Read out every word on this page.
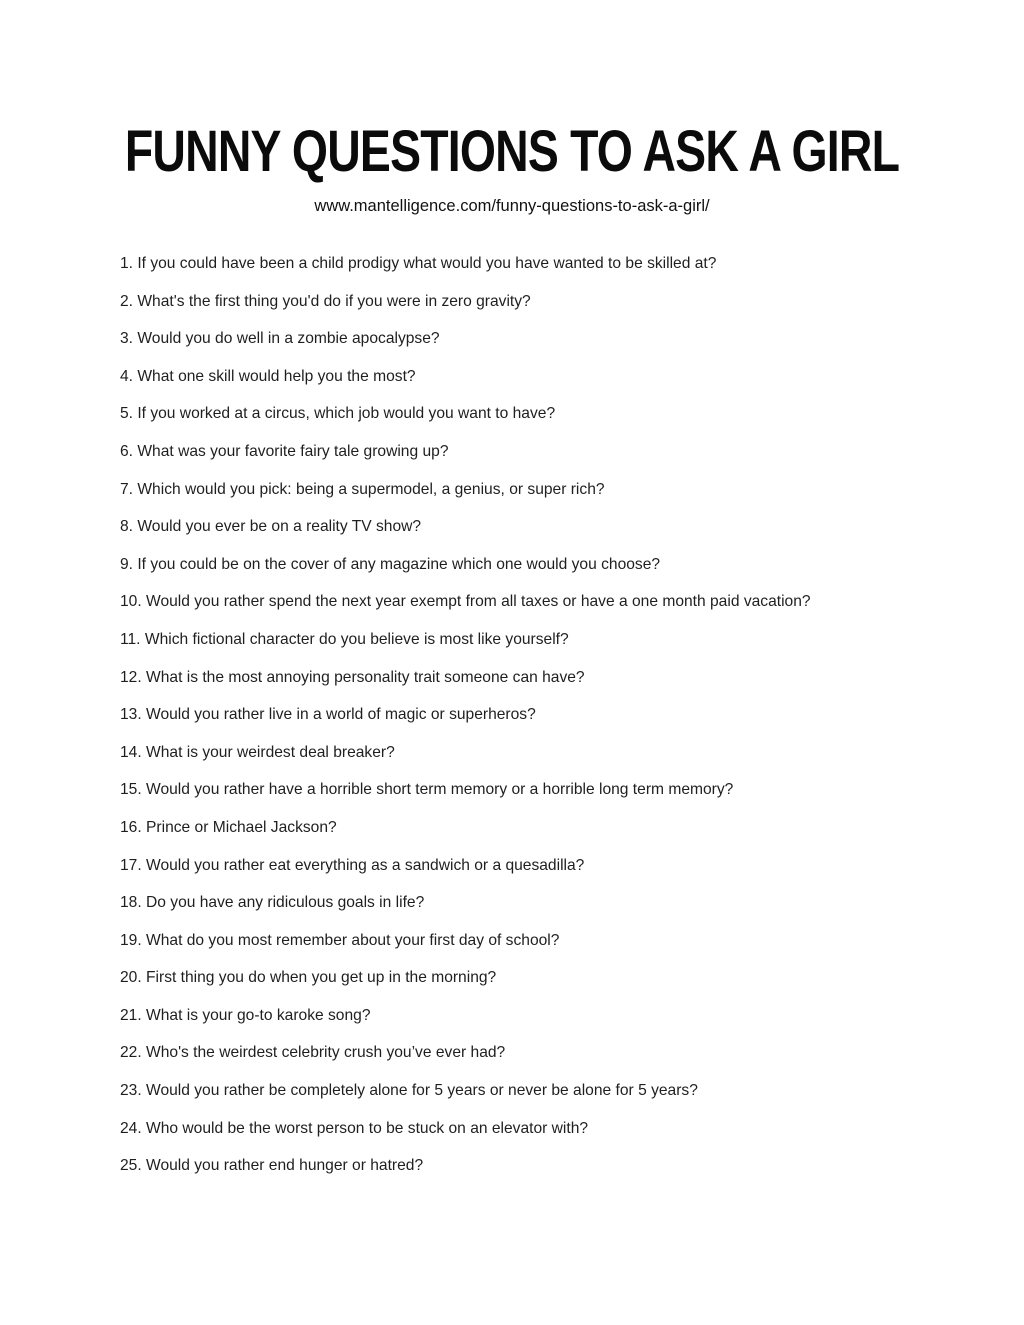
FUNNY QUESTIONS TO ASK A GIRL
www.mantelligence.com/funny-questions-to-ask-a-girl/
1. If you could have been a child prodigy what would you have wanted to be skilled at?
2. What's the first thing you'd do if you were in zero gravity?
3. Would you do well in a zombie apocalypse?
4. What one skill would help you the most?
5. If you worked at a circus, which job would you want to have?
6. What was your favorite fairy tale growing up?
7. Which would you pick: being a supermodel, a genius, or super rich?
8. Would you ever be on a reality TV show?
9. If you could be on the cover of any magazine which one would you choose?
10. Would you rather spend the next year exempt from all taxes or have a one month paid vacation?
11. Which fictional character do you believe is most like yourself?
12. What is the most annoying personality trait someone can have?
13. Would you rather live in a world of magic or superheros?
14. What is your weirdest deal breaker?
15. Would you rather have a horrible short term memory or a horrible long term memory?
16. Prince or Michael Jackson?
17. Would you rather eat everything as a sandwich or a quesadilla?
18. Do you have any ridiculous goals in life?
19. What do you most remember about your first day of school?
20. First thing you do when you get up in the morning?
21. What is your go-to karoke song?
22. Who's the weirdest celebrity crush you’ve ever had?
23. Would you rather be completely alone for 5 years or never be alone for 5 years?
24. Who would be the worst person to be stuck on an elevator with?
25. Would you rather end hunger or hatred?
